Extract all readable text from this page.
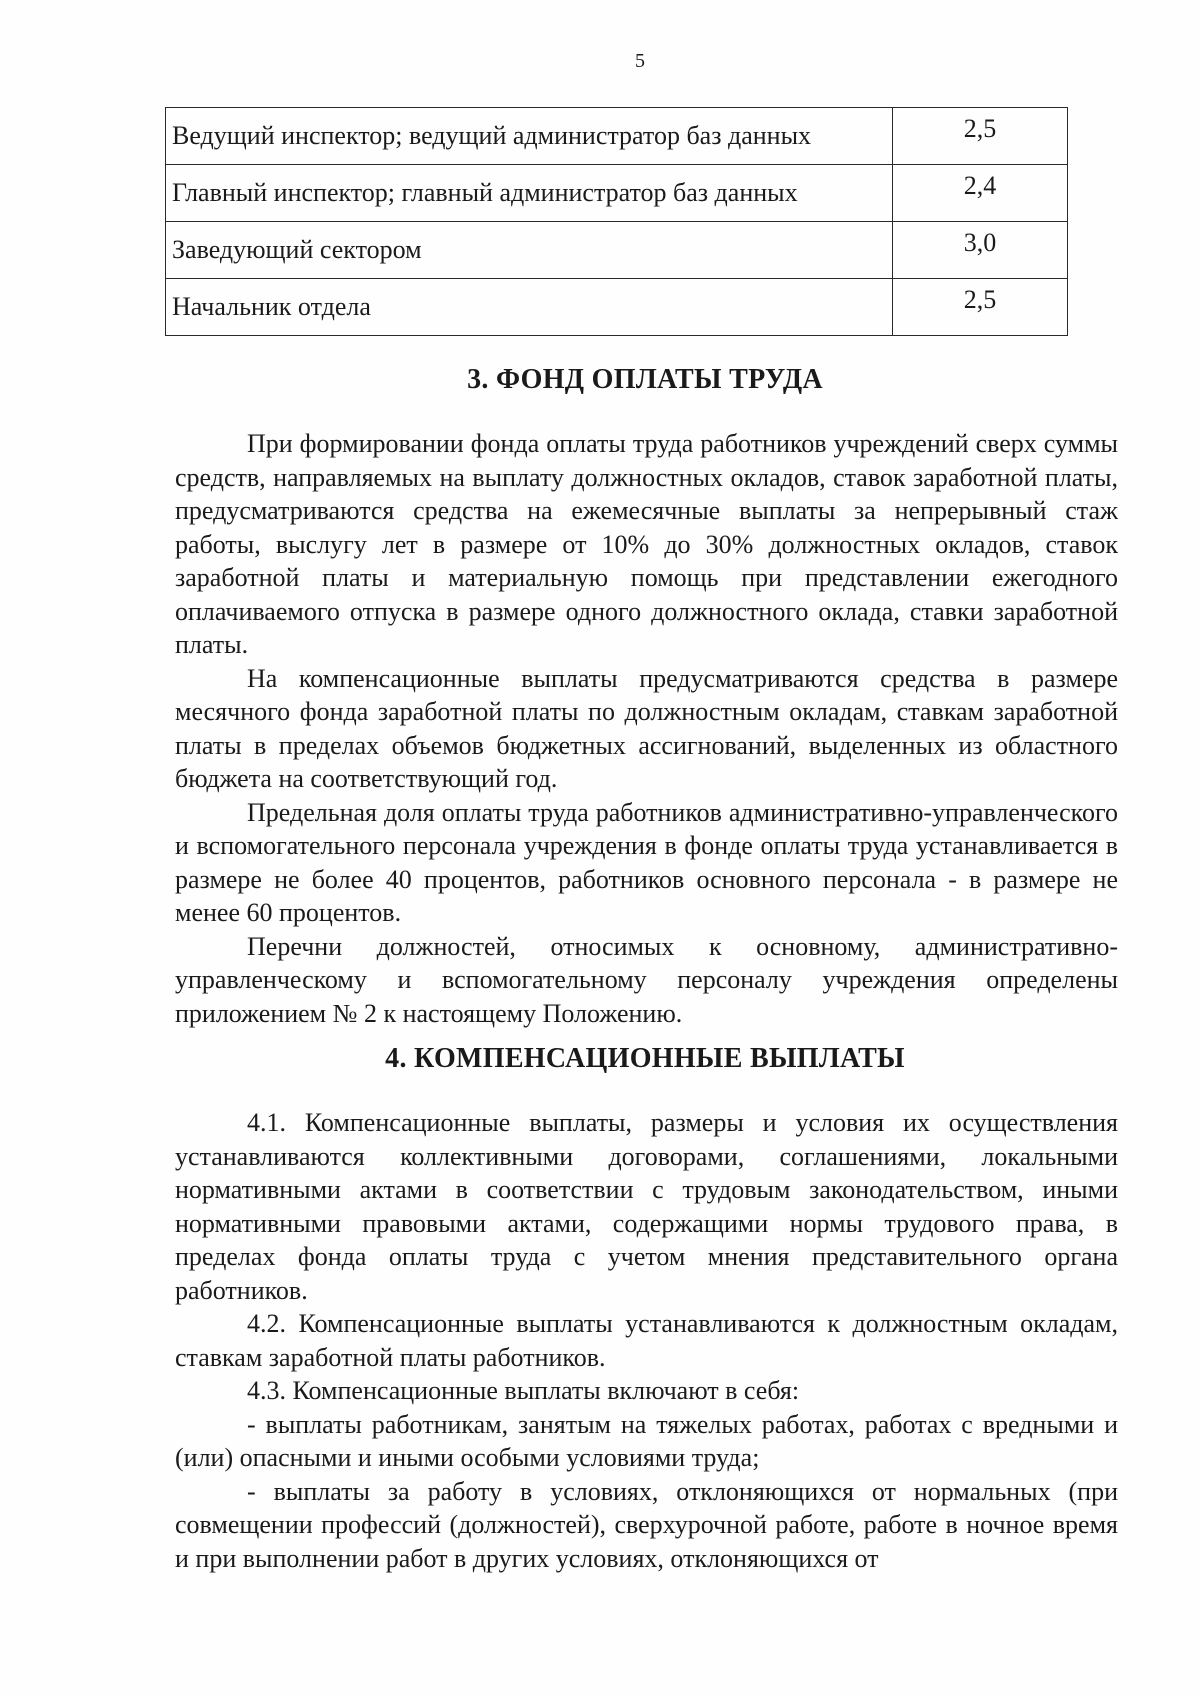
5
Ведущий инспектор; ведущий администратор баз данных	2,5
Главный инспектор; главный администратор баз данных	2,4
Заведующий сектором	3,0
Начальник отдела	2,5
3. ФОНД ОПЛАТЫ ТРУДА

При формировании фонда оплаты труда работников учреждений сверх суммы средств, направляемых на выплату должностных окладов, ставок заработной платы, предусматриваются средства на ежемесячные выплаты за непрерывный стаж работы, выслугу лет в размере от 10% до 30% должностных окладов, ставок заработной платы и материальную помощь при представлении ежегодного оплачиваемого отпуска в размере одного должностного оклада, ставки заработной платы.

На компенсационные выплаты предусматриваются средства в размере месячного фонда заработной платы по должностным окладам, ставкам заработной платы в пределах объемов бюджетных ассигнований, выделенных из областного бюджета на соответствующий год.

Предельная доля оплаты труда работников административно-управленческого и вспомогательного персонала учреждения в фонде оплаты труда устанавливается в размере не более 40 процентов, работников основного персонала - в размере не менее 60 процентов.

Перечни должностей, относимых к основному, административно-управленческому и вспомогательному персоналу учреждения определены приложением № 2 к настоящему Положению.

4. КОМПЕНСАЦИОННЫЕ ВЫПЛАТЫ

4.1. Компенсационные выплаты, размеры и условия их осуществления устанавливаются коллективными договорами, соглашениями, локальными нормативными актами в соответствии с трудовым законодательством, иными нормативными правовыми актами, содержащими нормы трудового права, в пределах фонда оплаты труда с учетом мнения представительного органа работников.

4.2. Компенсационные выплаты устанавливаются к должностным окладам, ставкам заработной платы работников.

4.3. Компенсационные выплаты включают в себя:

- выплаты работникам, занятым на тяжелых работах, работах с вредными и (или) опасными и иными особыми условиями труда;

- выплаты за работу в условиях, отклоняющихся от нормальных (при совмещении профессий (должностей), сверхурочной работе, работе в ночное время и при выполнении работ в других условиях, отклоняющихся от
